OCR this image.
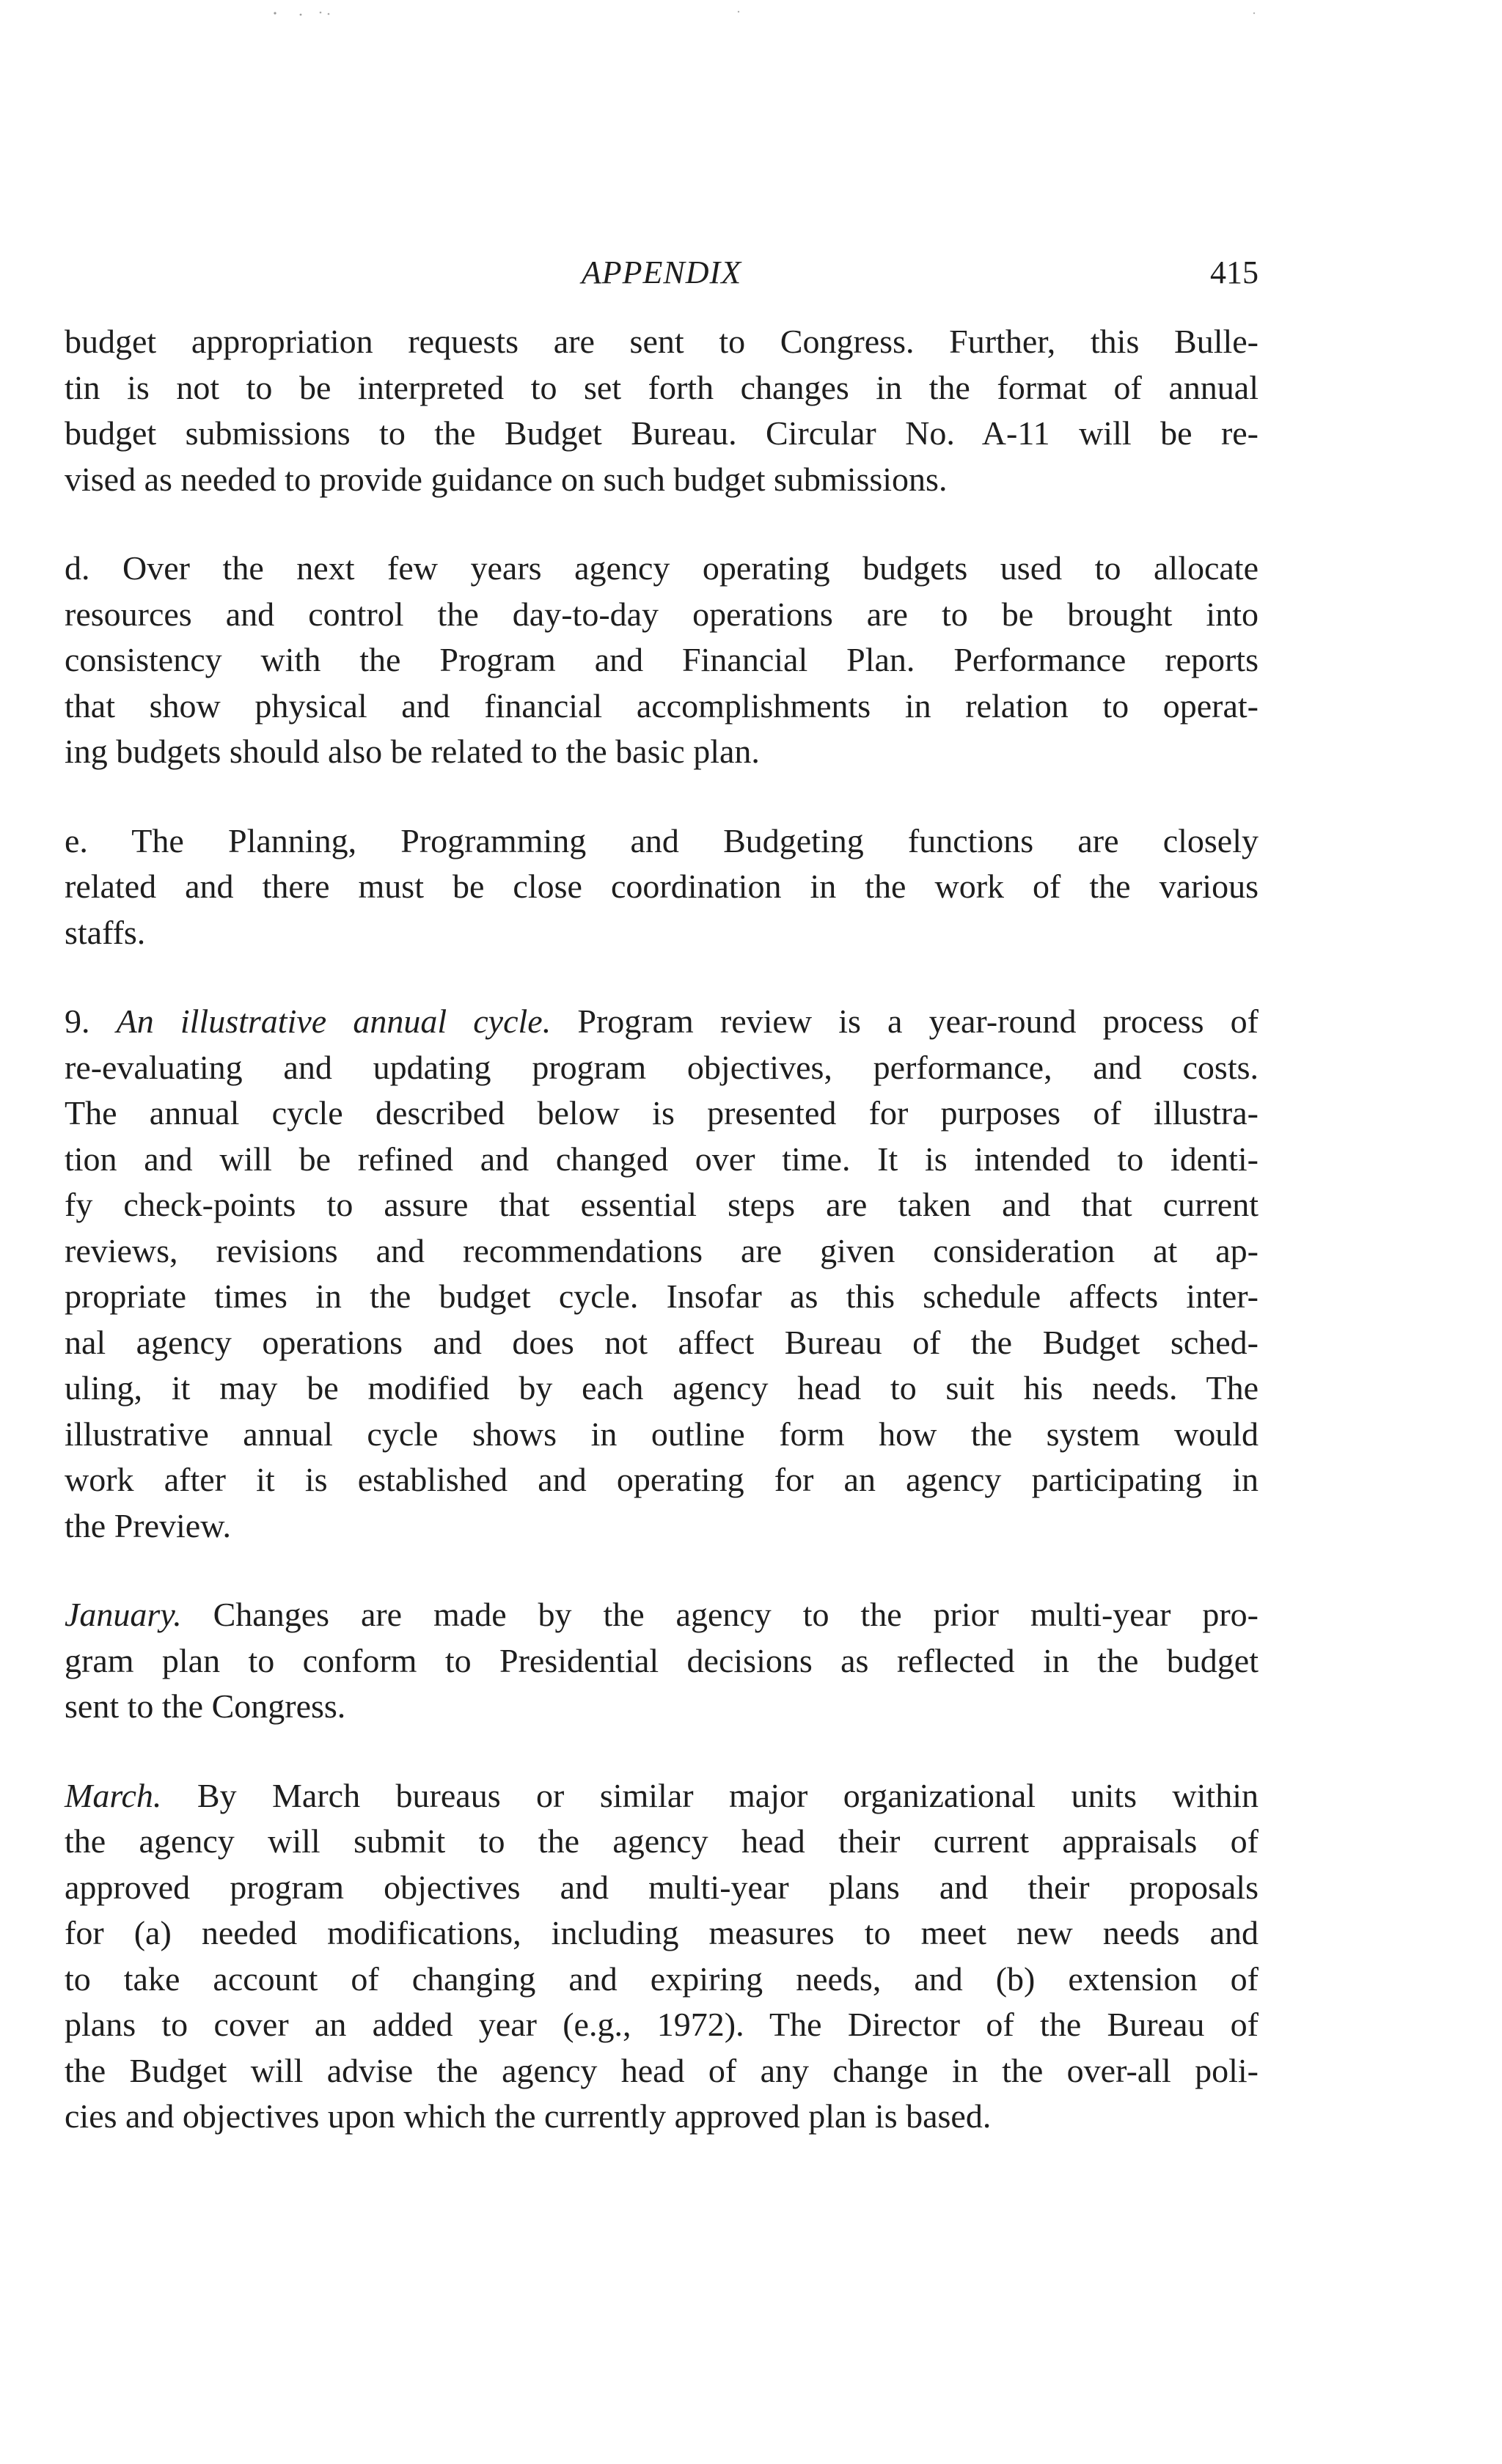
APPENDIX	415

budget appropriation requests are sent to Congress. Further, this Bulle-
tin is not to be interpreted to set forth changes in the format of annual
budget submissions to the Budget Bureau. Circular No. A-11 will be re-
vised as needed to provide guidance on such budget submissions.

d. Over the next few years agency operating budgets used to allocate
resources and control the day-to-day operations are to be brought into
consistency with the Program and Financial Plan. Performance reports
that show physical and financial accomplishments in relation to operat-
ing budgets should also be related to the basic plan.

e. The Planning, Programming and Budgeting functions are closely
related and there must be close coordination in the work of the various
staffs.

9. An illustrative annual cycle. Program review is a year-round process of
re-evaluating and updating program objectives, performance, and costs.
The annual cycle described below is presented for purposes of illustra-
tion and will be refined and changed over time. It is intended to identi-
fy check-points to assure that essential steps are taken and that current
reviews, revisions and recommendations are given consideration at ap-
propriate times in the budget cycle. Insofar as this schedule affects inter-
nal agency operations and does not affect Bureau of the Budget sched-
uling, it may be modified by each agency head to suit his needs. The
illustrative annual cycle shows in outline form how the system would
work after it is established and operating for an agency participating in
the Preview.

January. Changes are made by the agency to the prior multi-year pro-
gram plan to conform to Presidential decisions as reflected in the budget
sent to the Congress.

March. By March bureaus or similar major organizational units within
the agency will submit to the agency head their current appraisals of
approved program objectives and multi-year plans and their proposals
for (a) needed modifications, including measures to meet new needs and
to take account of changing and expiring needs, and (b) extension of
plans to cover an added year (e.g., 1972). The Director of the Bureau of
the Budget will advise the agency head of any change in the over-all poli-
cies and objectives upon which the currently approved plan is based.
